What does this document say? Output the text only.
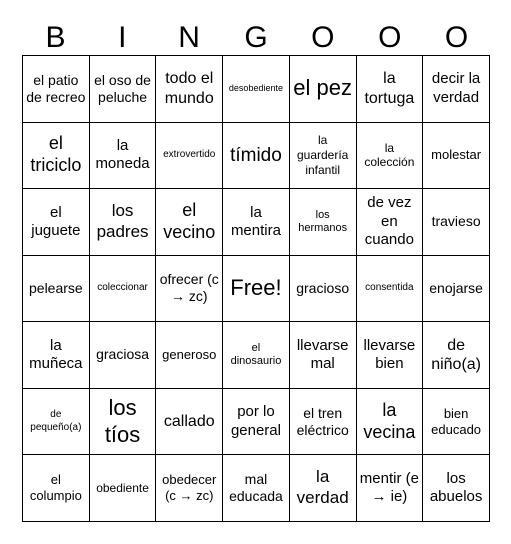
B	I	N	G	O	O	O
el patio de recreo	el oso de peluche	todo el mundo	desobediente	el pez	la tortuga	decir la verdad
el triciclo	la moneda	extrovertido	tímido	la guardería infantil	la colección	molestar
el juguete	los padres	el vecino	la mentira	los hermanos	de vez en cuando	travieso
pelearse	coleccionar	ofrecer (c → zc)	Free!	gracioso	consentida	enojarse
la muñeca	graciosa	generoso	el dinosaurio	llevarse mal	llevarse bien	de niño(a)
de pequeño(a)	los tíos	callado	por lo general	el tren eléctrico	la vecina	bien educado
el columpio	obediente	obedecer (c → zc)	mal educada	la verdad	mentir (e → ie)	los abuelos
